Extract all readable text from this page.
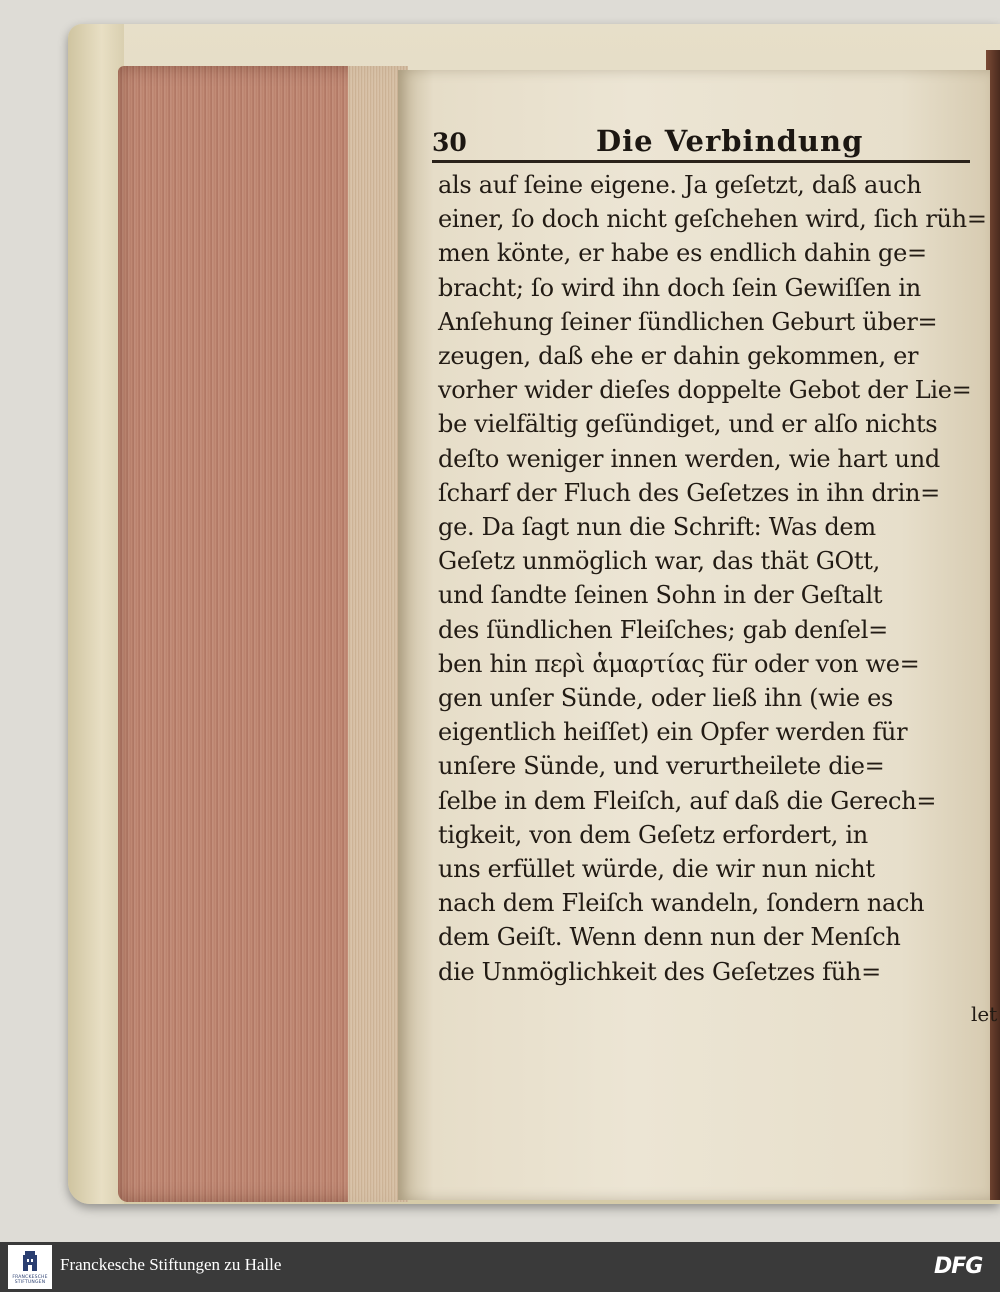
30	Die Verbindung
als auf ſeine eigene. Ja geſetzt, daß auch
einer, ſo doch nicht geſchehen wird, ſich rüh=
men könte, er habe es endlich dahin ge=
bracht; ſo wird ihn doch ſein Gewiſſen in
Anſehung ſeiner ſündlichen Geburt über=
zeugen, daß ehe er dahin gekommen, er
vorher wider dieſes doppelte Gebot der Lie=
be vielfältig geſündiget, und er alſo nichts
deſto weniger innen werden, wie hart und
ſcharf der Fluch des Geſetzes in ihn drin=
ge. Da ſagt nun die Schrift: Was dem
Geſetz unmöglich war, das thät GOtt,
und ſandte ſeinen Sohn in der Geſtalt
des ſündlichen Fleiſches; gab denſel=
ben hin περὶ ἁμαρτίας für oder von we=
gen unſer Sünde, oder ließ ihn (wie es
eigentlich heiſſet) ein Opfer werden für
unſere Sünde, und verurtheilete die=
ſelbe in dem Fleiſch, auf daß die Gerech=
tigkeit, von dem Geſetz erfordert, in
uns erfüllet würde, die wir nun nicht
nach dem Fleiſch wandeln, ſondern nach
dem Geiſt. Wenn denn nun der Menſch
die Unmöglichkeit des Geſetzes füh=
let
FRANCKESCHE STIFTUNGEN
Franckesche Stiftungen zu Halle	DFG
